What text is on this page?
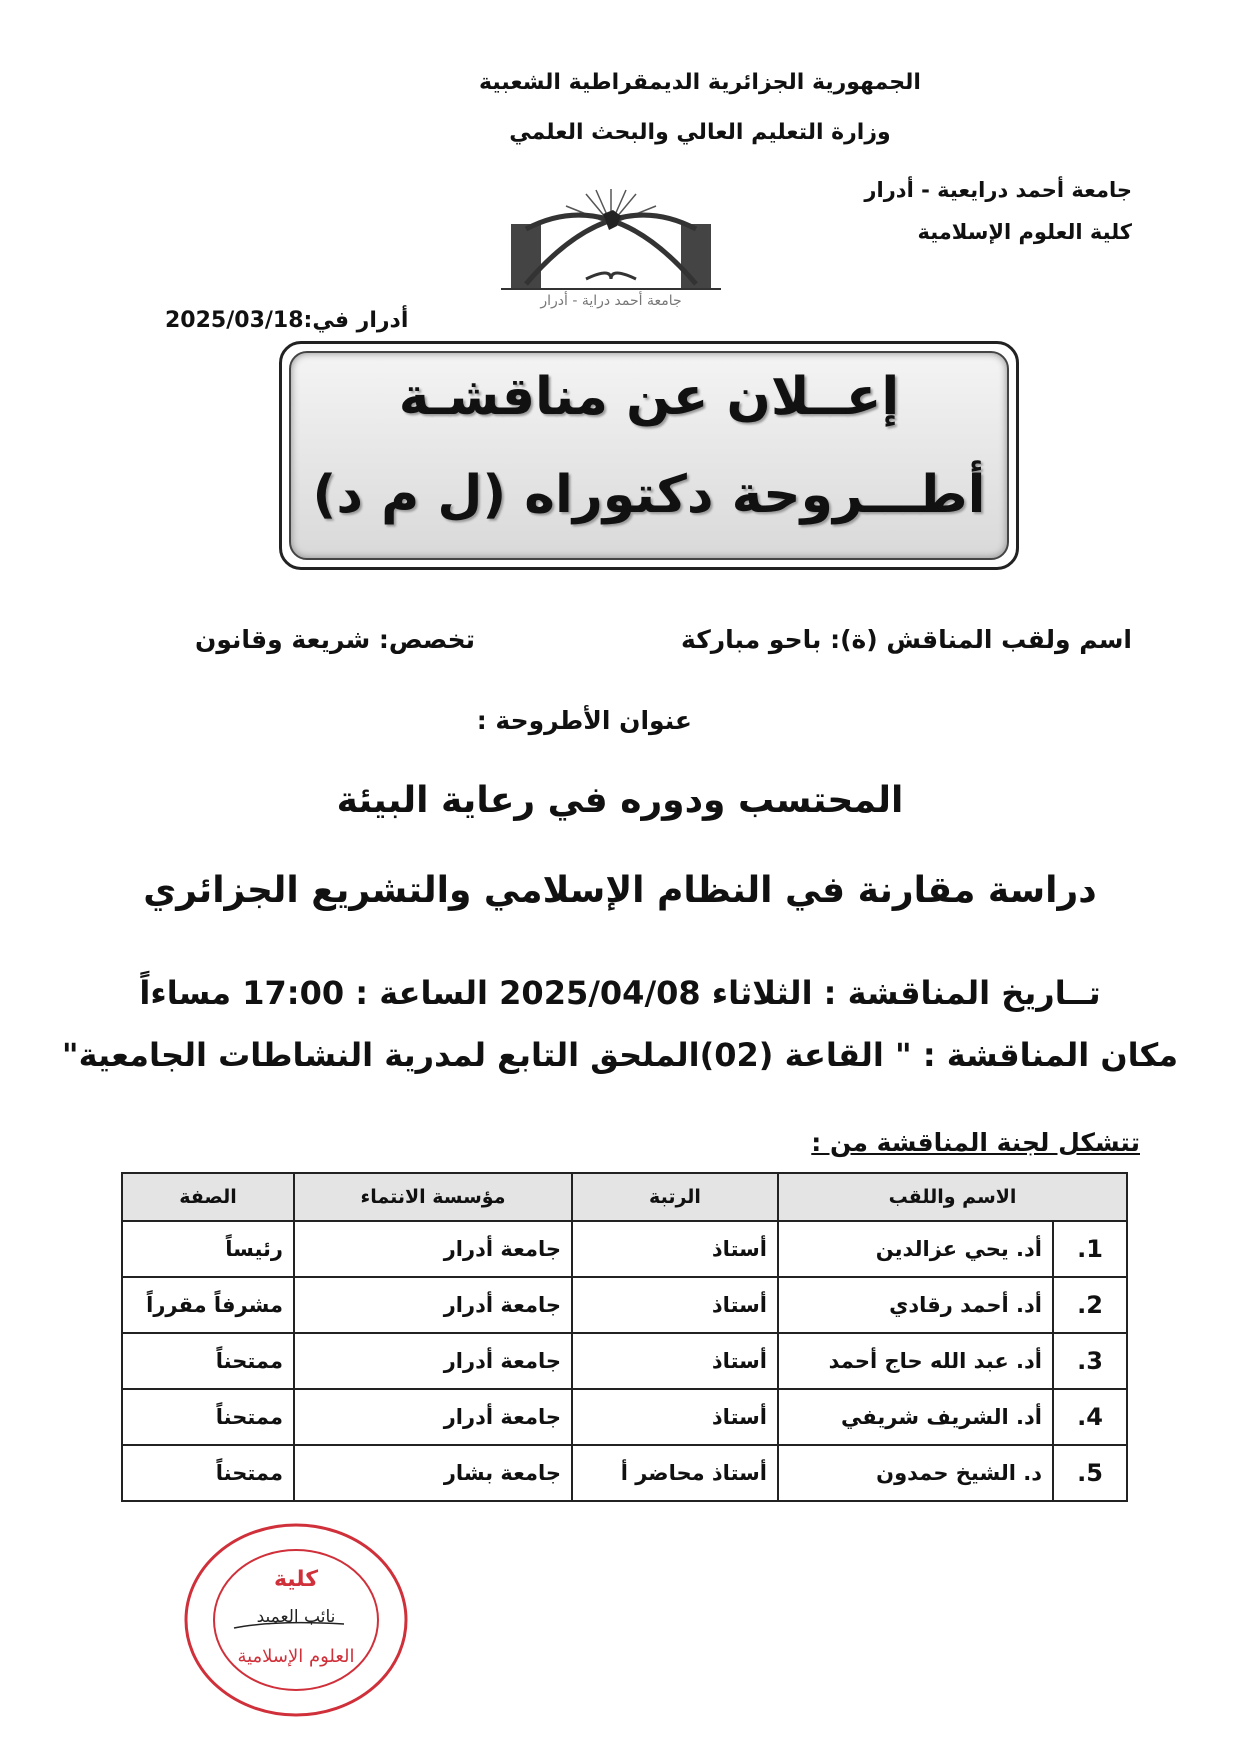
الجمهورية الجزائرية الديمقراطية الشعبية
وزارة التعليم العالي والبحث العلمي
جامعة أحمد درايعية - أدرار
كلية العلوم الإسلامية
جامعة أحمد دراية - أدرار
أدرار في:2025/03/18
إعــلان عن مناقشـة
أطـــروحة دكتوراه (ل م د)
اسم ولقب المناقش (ة): باحو مباركة
تخصص: شريعة وقانون
عنوان الأطروحة :
المحتسب ودوره في رعاية البيئة
دراسة مقارنة في النظام الإسلامي والتشريع الجزائري
تــاريخ المناقشة : الثلاثاء 2025/04/08 الساعة : 17:00 مساءاً
مكان المناقشة : " القاعة (02)الملحق التابع لمدرية النشاطات الجامعية"
تتشكل لجنة المناقشة من :
الاسم واللقب		الرتبة	مؤسسة الانتماء	الصفة
1.	أد. يحي عزالدين	أستاذ	جامعة أدرار	رئيساً
2.	أد. أحمد رقادي	أستاذ	جامعة أدرار	مشرفاً مقرراً
3.	أد. عبد الله حاج أحمد	أستاذ	جامعة أدرار	ممتحناً
4.	أد. الشريف شريفي	أستاذ	جامعة أدرار	ممتحناً
5.	د. الشيخ حمدون	أستاذ محاضر أ	جامعة بشار	ممتحناً
كلية
نائب العميد
العلوم الإسلامية
